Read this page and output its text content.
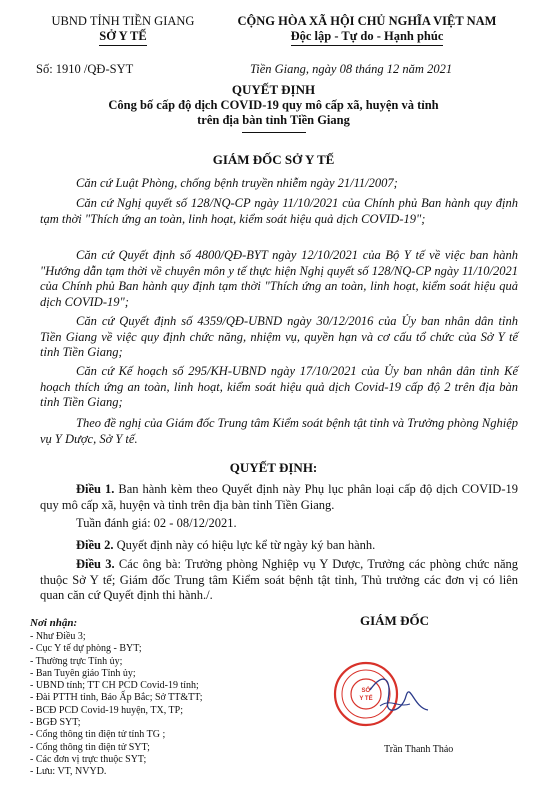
UBND TỈNH TIỀN GIANG
SỞ Y TẾ
CỘNG HÒA XÃ HỘI CHỦ NGHĨA VIỆT NAM
Độc lập - Tự do - Hạnh phúc
Số: 1910 /QĐ-SYT	Tiền Giang, ngày 08 tháng 12 năm 2021
QUYẾT ĐỊNH
Công bố cấp độ dịch COVID-19 quy mô cấp xã, huyện và tỉnh
trên địa bàn tỉnh Tiền Giang
GIÁM ĐỐC SỞ Y TẾ

Căn cứ Luật Phòng, chống bệnh truyền nhiễm ngày 21/11/2007;

Căn cứ Nghị quyết số 128/NQ-CP ngày 11/10/2021 của Chính phủ Ban hành quy định tạm thời "Thích ứng an toàn, linh hoạt, kiểm soát hiệu quả dịch COVID-19";

Căn cứ Quyết định số 4800/QĐ-BYT ngày 12/10/2021 của Bộ Y tế về việc ban hành "Hướng dẫn tạm thời về chuyên môn y tế thực hiện Nghị quyết số 128/NQ-CP ngày 11/10/2021 của Chính phủ Ban hành quy định tạm thời "Thích ứng an toàn, linh hoạt, kiểm soát hiệu quả dịch COVID-19";

Căn cứ Quyết định số 4359/QĐ-UBND ngày 30/12/2016 của Ủy ban nhân dân tỉnh Tiền Giang về việc quy định chức năng, nhiệm vụ, quyền hạn và cơ cấu tổ chức của Sở Y tế tỉnh Tiền Giang;

Căn cứ Kế hoạch số 295/KH-UBND ngày 17/10/2021 của Ủy ban nhân dân tỉnh Kế hoạch thích ứng an toàn, linh hoạt, kiểm soát hiệu quả dịch Covid-19 cấp độ 2 trên địa bàn tỉnh Tiền Giang;

Theo đề nghị của Giám đốc Trung tâm Kiểm soát bệnh tật tỉnh và Trưởng phòng Nghiệp vụ Y Dược, Sở Y tế.

QUYẾT ĐỊNH:

Điều 1. Ban hành kèm theo Quyết định này Phụ lục phân loại cấp độ dịch COVID-19 quy mô cấp xã, huyện và tỉnh trên địa bàn tỉnh Tiền Giang.

Tuần đánh giá: 02 - 08/12/2021.

Điều 2. Quyết định này có hiệu lực kể từ ngày ký ban hành.

Điều 3. Các ông bà: Trưởng phòng Nghiệp vụ Y Dược, Trưởng các phòng chức năng thuộc Sở Y tế; Giám đốc Trung tâm Kiểm soát bệnh tật tỉnh, Thủ trưởng các đơn vị có liên quan căn cứ Quyết định thi hành./.

Nơi nhận:
- Như Điều 3;
- Cục Y tế dự phòng - BYT;
- Thường trực Tỉnh ủy;
- Ban Tuyên giáo Tỉnh ủy;
- UBND tỉnh; TT CH PCD Covid-19 tỉnh;
- Đài PTTH tỉnh, Báo Ấp Bắc; Sở TT&TT;
- BCĐ PCD Covid-19 huyện, TX, TP;
- BGĐ SYT;
- Cổng thông tin điện tử tỉnh TG ;
- Cổng thông tin điện tử SYT;
- Các đơn vị trực thuộc SYT;
- Lưu: VT, NVYD.
GIÁM ĐỐC
SỞ
Y TẾ
Trần Thanh Thảo
